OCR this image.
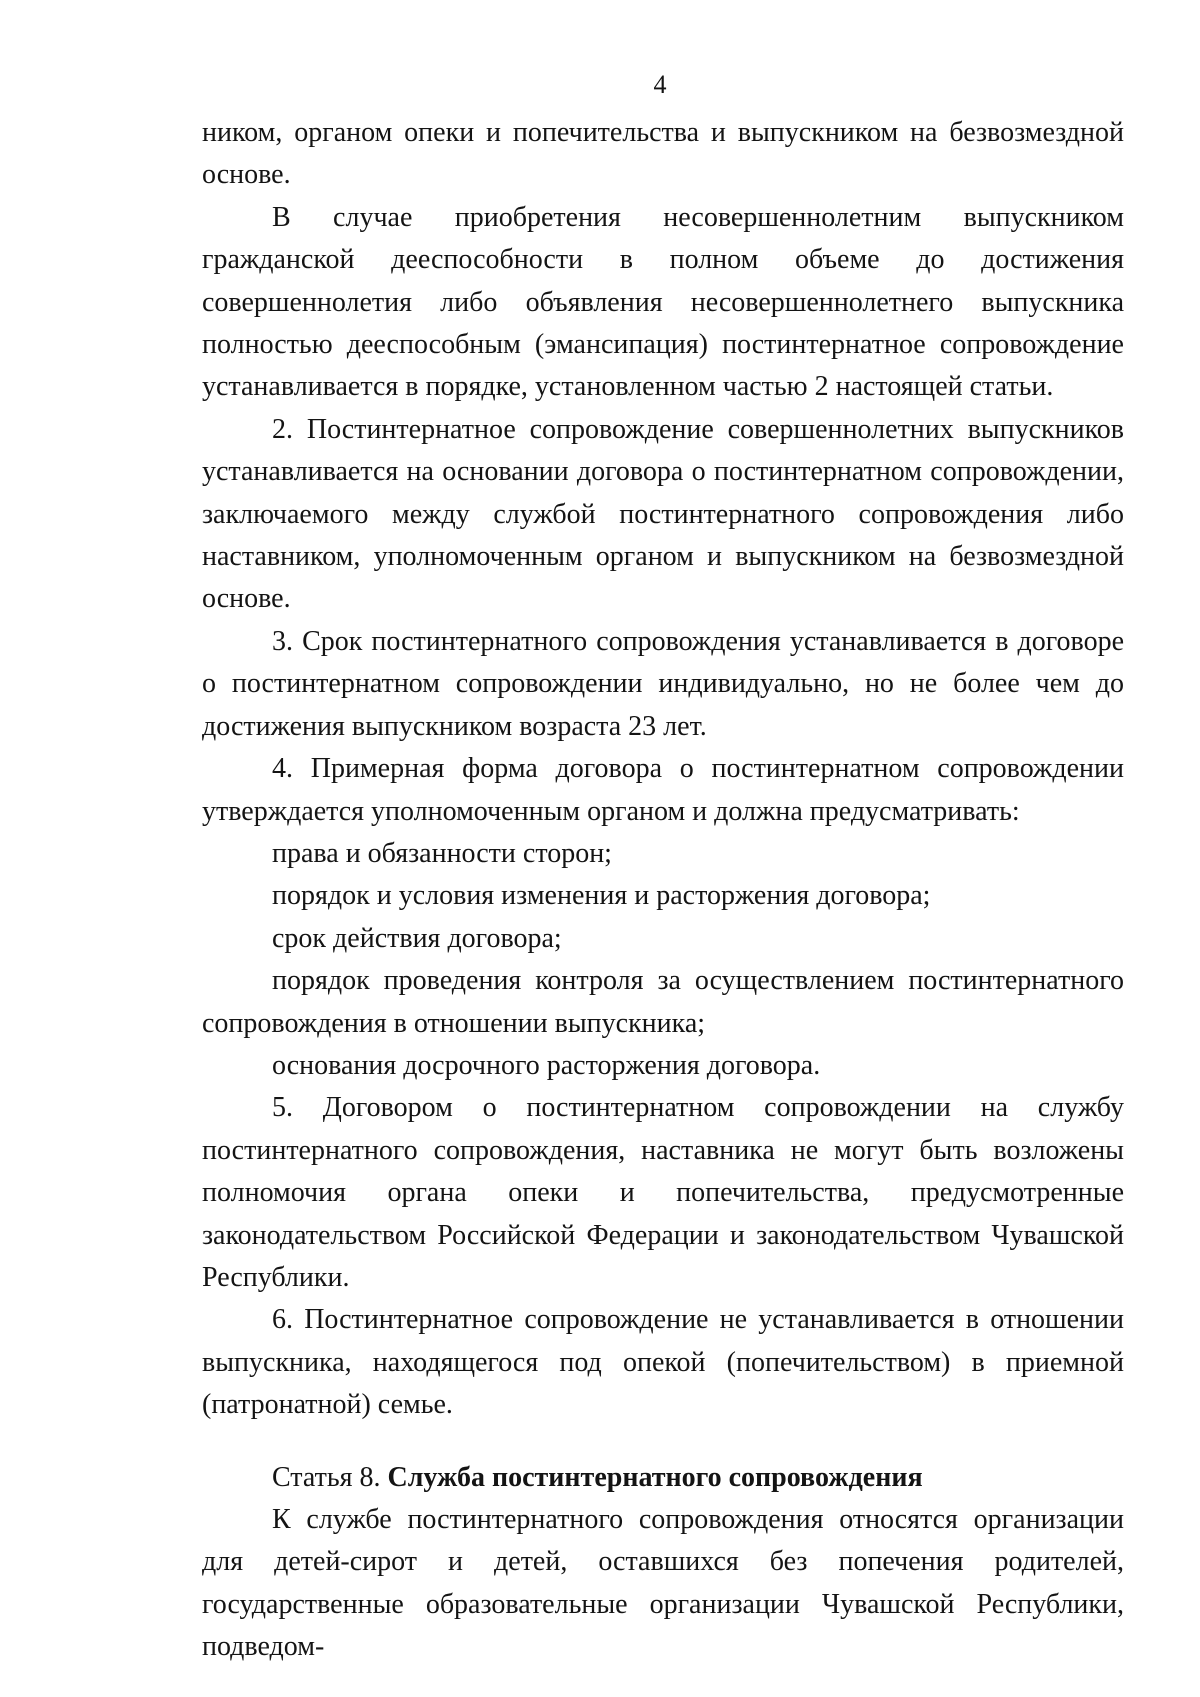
4

ником, органом опеки и попечительства и выпускником на безвозмездной основе.

В случае приобретения несовершеннолетним выпускником гражданской дееспособности в полном объеме до достижения совершеннолетия либо объявления несовершеннолетнего выпускника полностью дееспособным (эмансипация) постинтернатное сопровождение устанавливается в порядке, установленном частью 2 настоящей статьи.

2. Постинтернатное сопровождение совершеннолетних выпускников устанавливается на основании договора о постинтернатном сопровождении, заключаемого между службой постинтернатного сопровождения либо наставником, уполномоченным органом и выпускником на безвозмездной основе.

3. Срок постинтернатного сопровождения устанавливается в договоре о постинтернатном сопровождении индивидуально, но не более чем до достижения выпускником возраста 23 лет.

4. Примерная форма договора о постинтернатном сопровождении утверждается уполномоченным органом и должна предусматривать:

права и обязанности сторон;

порядок и условия изменения и расторжения договора;

срок действия договора;

порядок проведения контроля за осуществлением постинтернатного сопровождения в отношении выпускника;

основания досрочного расторжения договора.

5. Договором о постинтернатном сопровождении на службу постинтернатного сопровождения, наставника не могут быть возложены полномочия органа опеки и попечительства, предусмотренные законодательством Российской Федерации и законодательством Чувашской Республики.

6. Постинтернатное сопровождение не устанавливается в отношении выпускника, находящегося под опекой (попечительством) в приемной (патронатной) семье.

Статья 8. Служба постинтернатного сопровождения

К службе постинтернатного сопровождения относятся организации для детей-сирот и детей, оставшихся без попечения родителей, государственные образовательные организации Чувашской Республики, подведом-
